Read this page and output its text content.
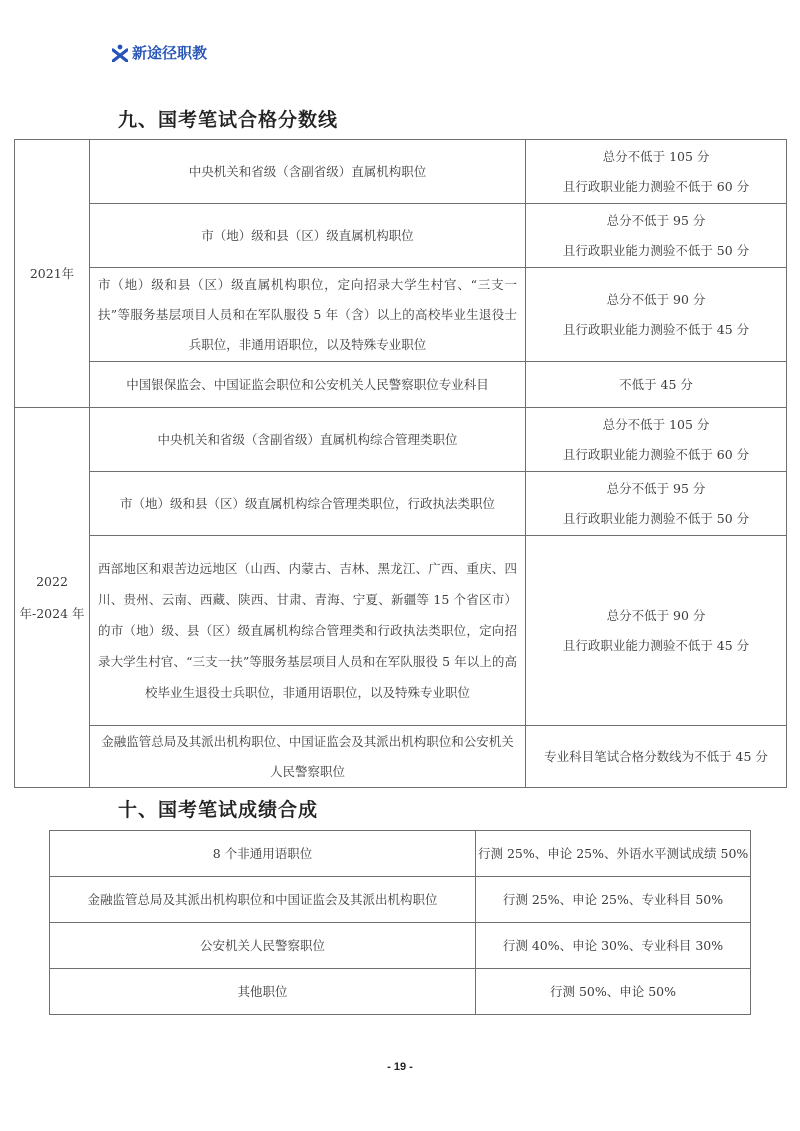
新途径职教
九、国考笔试合格分数线
2021年	中央机关和省级（含副省级）直属机构职位	总分不低于 105 分
且行政职业能力测验不低于 60 分

	市（地）级和县（区）级直属机构职位	总分不低于 95 分
且行政职业能力测验不低于 50 分

	市（地）级和县（区）级直属机构职位，定向招录大学生村官、“三支一扶”等服务基层项目人员和在军队服役 5 年（含）以上的高校毕业生退役士兵职位，非通用语职位，以及特殊专业职位	总分不低于 90 分
且行政职业能力测验不低于 45 分

	中国银保监会、中国证监会职位和公安机关人民警察职位专业科目	不低于 45 分

2022 年-2024 年	中央机关和省级（含副省级）直属机构综合管理类职位	总分不低于 105 分
且行政职业能力测验不低于 60 分

	市（地）级和县（区）级直属机构综合管理类职位，行政执法类职位	总分不低于 95 分
且行政职业能力测验不低于 50 分

	西部地区和艰苦边远地区（山西、内蒙古、吉林、黑龙江、广西、重庆、四川、贵州、云南、西藏、陕西、甘肃、青海、宁夏、新疆等 15 个省区市）的市（地）级、县（区）级直属机构综合管理类和行政执法类职位，定向招录大学生村官、“三支一扶”等服务基层项目人员和在军队服役 5 年以上的高校毕业生退役士兵职位，非通用语职位，以及特殊专业职位	总分不低于 90 分
且行政职业能力测验不低于 45 分

	金融监管总局及其派出机构职位、中国证监会及其派出机构职位和公安机关人民警察职位	专业科目笔试合格分数线为不低于 45 分
十、国考笔试成绩合成
8 个非通用语职位	行测 25%、申论 25%、外语水平测试成绩 50%
金融监管总局及其派出机构职位和中国证监会及其派出机构职位	行测 25%、申论 25%、专业科目 50%
公安机关人民警察职位	行测 40%、申论 30%、专业科目 30%
其他职位	行测 50%、申论 50%
- 19 -
